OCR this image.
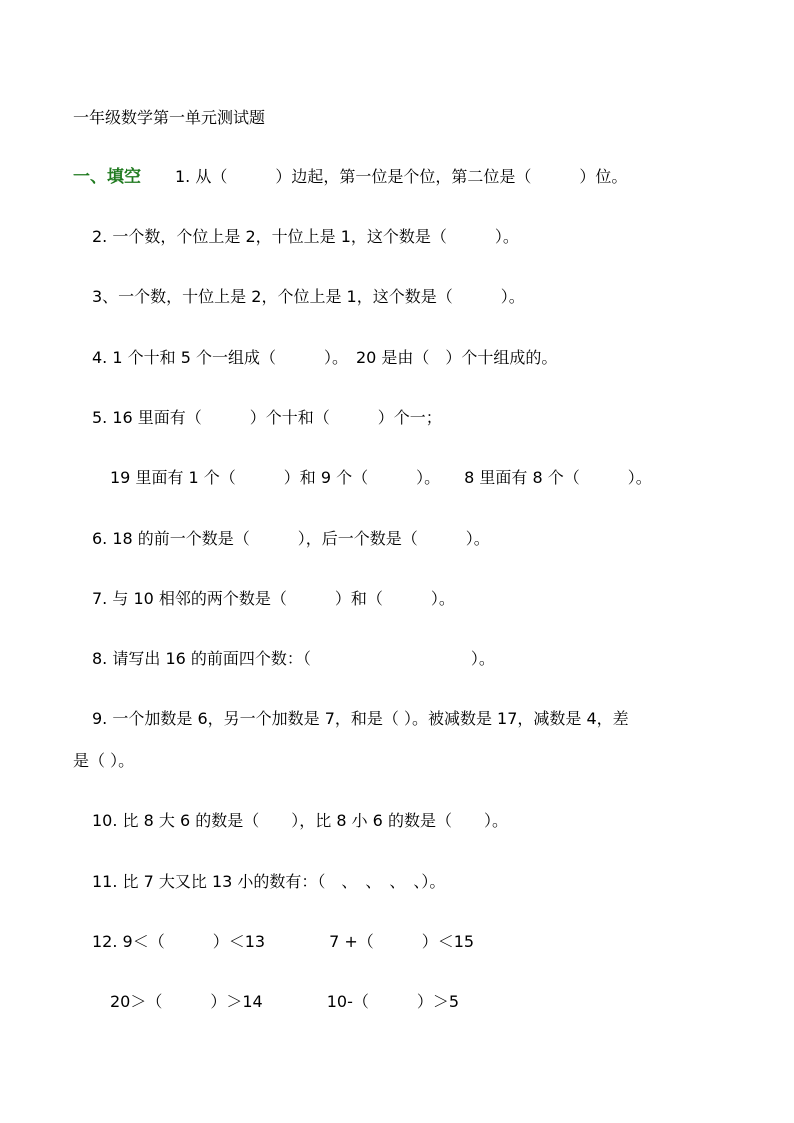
一年级数学第一单元测试题
一、填空 1. 从（　　　）边起，第一位是个位，第二位是（　　　）位。
2. 一个数，个位上是 2，十位上是 1，这个数是（　　　）。
3、一个数，十位上是 2，个位上是 1，这个数是（　　　）。
4. 1 个十和 5 个一组成（　　　）。　20 是由（　）个十组成的。
5. 16 里面有（　　　）个十和（　　　）个一；
19 里面有 1 个（　　　）和 9 个（　　　）。　　8 里面有 8 个（　　　）。
6. 18 的前一个数是（　　　），后一个数是（　　　）。
7. 与 10 相邻的两个数是（　　　）和（　　　）。
8. 请写出 16 的前面四个数：（　　　　　　　　　　）。
9. 一个加数是 6，另一个加数是 7，和是（ ）。被减数是 17，减数是 4，差
是（ ）。
10. 比 8 大 6 的数是（　　），比 8 小 6 的数是（　　）。
11. 比 7 大又比 13 小的数有：（　、　、　、　、）。
12. 9＜（　　　）＜13　　　　7 +（　　　）＜15
20＞（　　　）＞14　　　　10-（　　　）＞5
